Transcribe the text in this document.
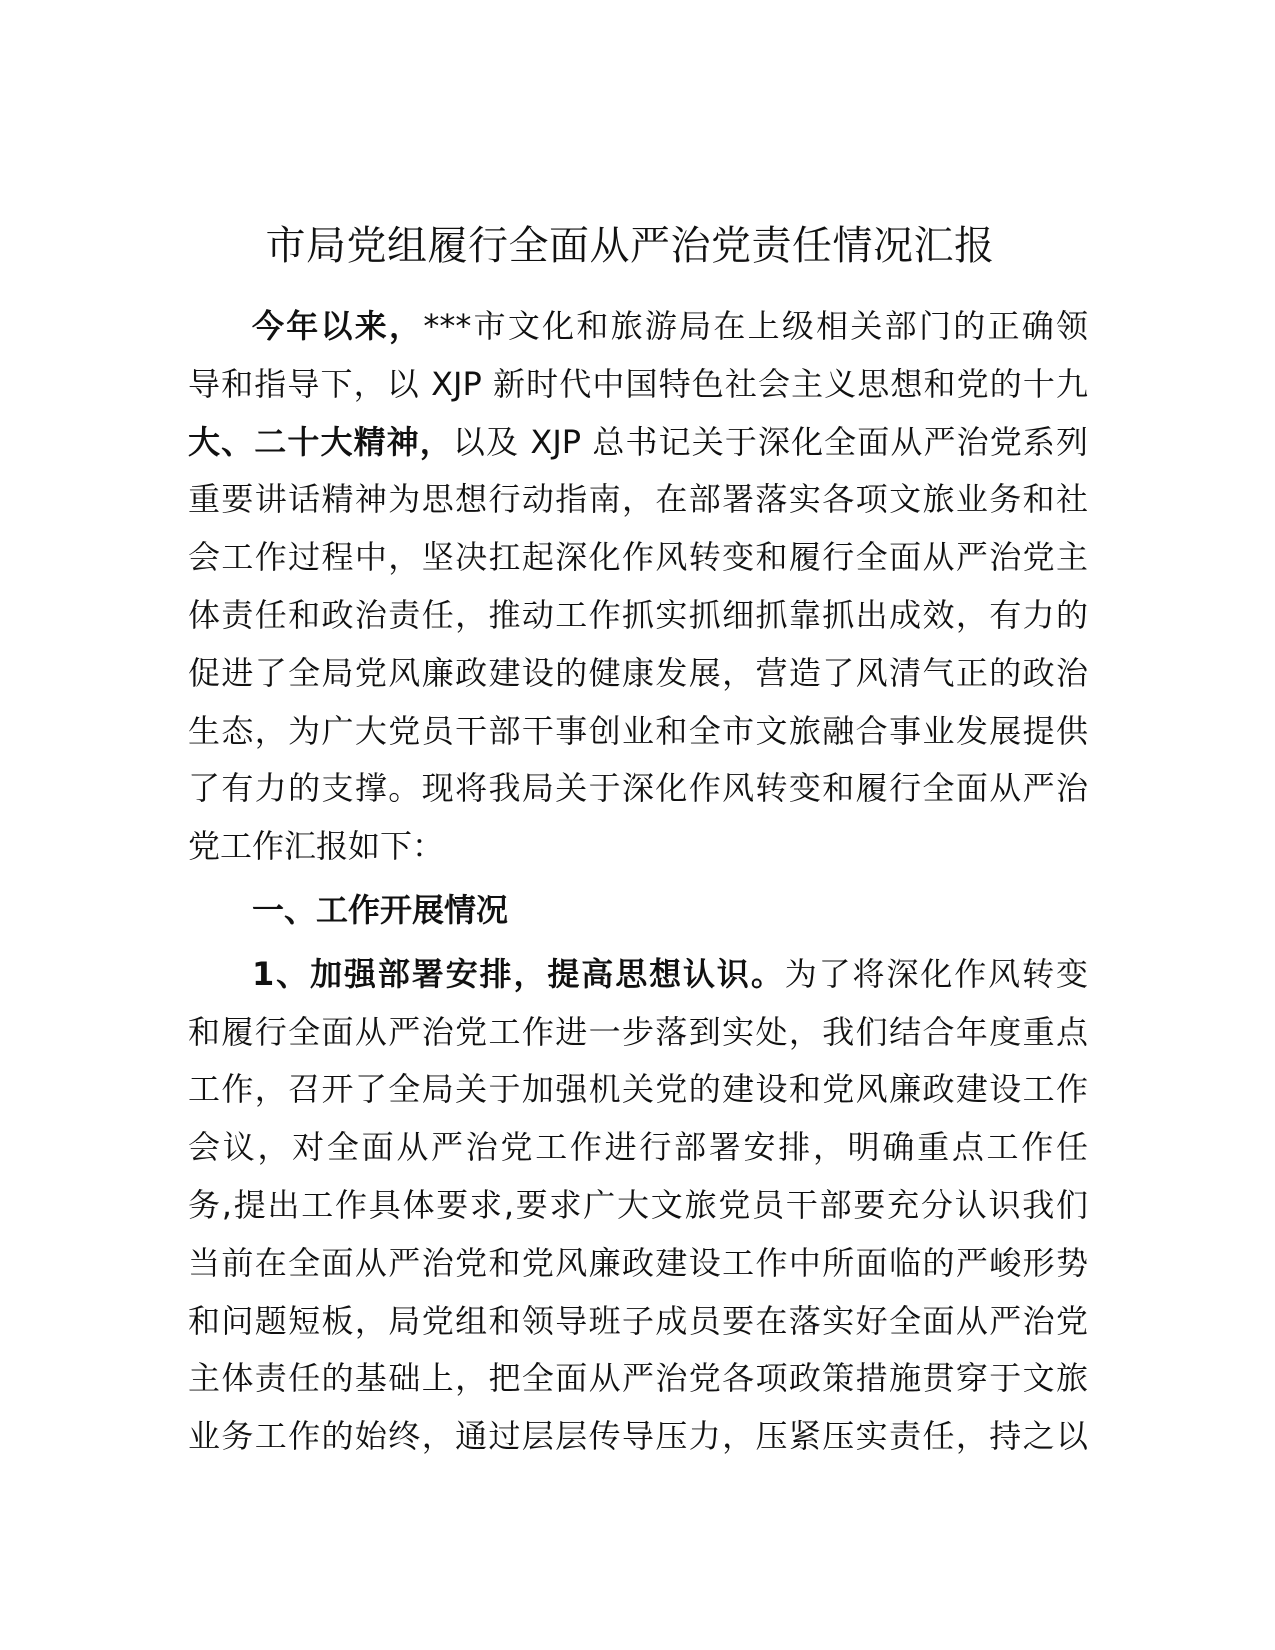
市局党组履行全面从严治党责任情况汇报
今年以来，***市文化和旅游局在上级相关部门的正确领
导和指导下，以 XJP 新时代中国特色社会主义思想和党的十九
大、二十大精神，以及 XJP 总书记关于深化全面从严治党系列
重要讲话精神为思想行动指南，在部署落实各项文旅业务和社
会工作过程中，坚决扛起深化作风转变和履行全面从严治党主
体责任和政治责任，推动工作抓实抓细抓靠抓出成效，有力的
促进了全局党风廉政建设的健康发展，营造了风清气正的政治
生态，为广大党员干部干事创业和全市文旅融合事业发展提供
了有力的支撑。现将我局关于深化作风转变和履行全面从严治
党工作汇报如下：
一、工作开展情况
1、加强部署安排，提高思想认识。为了将深化作风转变
和履行全面从严治党工作进一步落到实处，我们结合年度重点
工作，召开了全局关于加强机关党的建设和党风廉政建设工作
会议，对全面从严治党工作进行部署安排，明确重点工作任
务,提出工作具体要求,要求广大文旅党员干部要充分认识我们
当前在全面从严治党和党风廉政建设工作中所面临的严峻形势
和问题短板，局党组和领导班子成员要在落实好全面从严治党
主体责任的基础上，把全面从严治党各项政策措施贯穿于文旅
业务工作的始终，通过层层传导压力，压紧压实责任，持之以
